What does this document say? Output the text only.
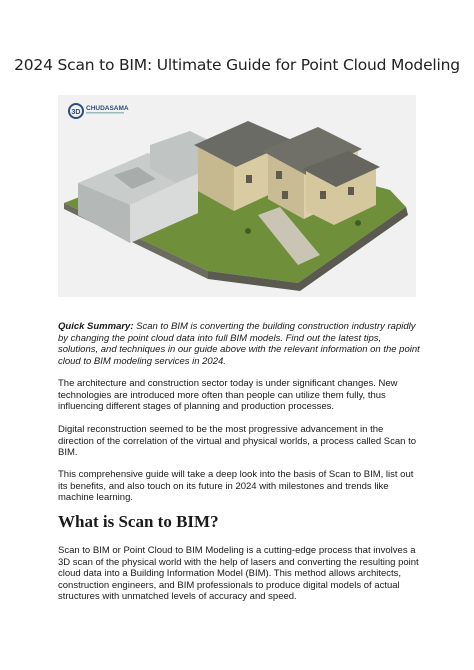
2024 Scan to BIM: Ultimate Guide for Point Cloud Modeling
3D
CHUDASAMA

Quick Summary: Scan to BIM is converting the building construction industry rapidly by changing the point cloud data into full BIM models. Find out the latest tips, solutions, and techniques in our guide above with the relevant information on the point cloud to BIM modeling services in 2024.

The architecture and construction sector today is under significant changes. New technologies are introduced more often than people can utilize them fully, thus influencing different stages of planning and production processes.

Digital reconstruction seemed to be the most progressive advancement in the direction of the correlation of the virtual and physical worlds, a process called Scan to BIM.

This comprehensive guide will take a deep look into the basis of Scan to BIM, list out its benefits, and also touch on its future in 2024 with milestones and trends like machine learning.

What is Scan to BIM?

Scan to BIM or Point Cloud to BIM Modeling is a cutting-edge process that involves a 3D scan of the physical world with the help of lasers and converting the resulting point cloud data into a Building Information Model (BIM). This method allows architects, construction engineers, and BIM professionals to produce digital models of actual structures with unmatched levels of accuracy and speed.
